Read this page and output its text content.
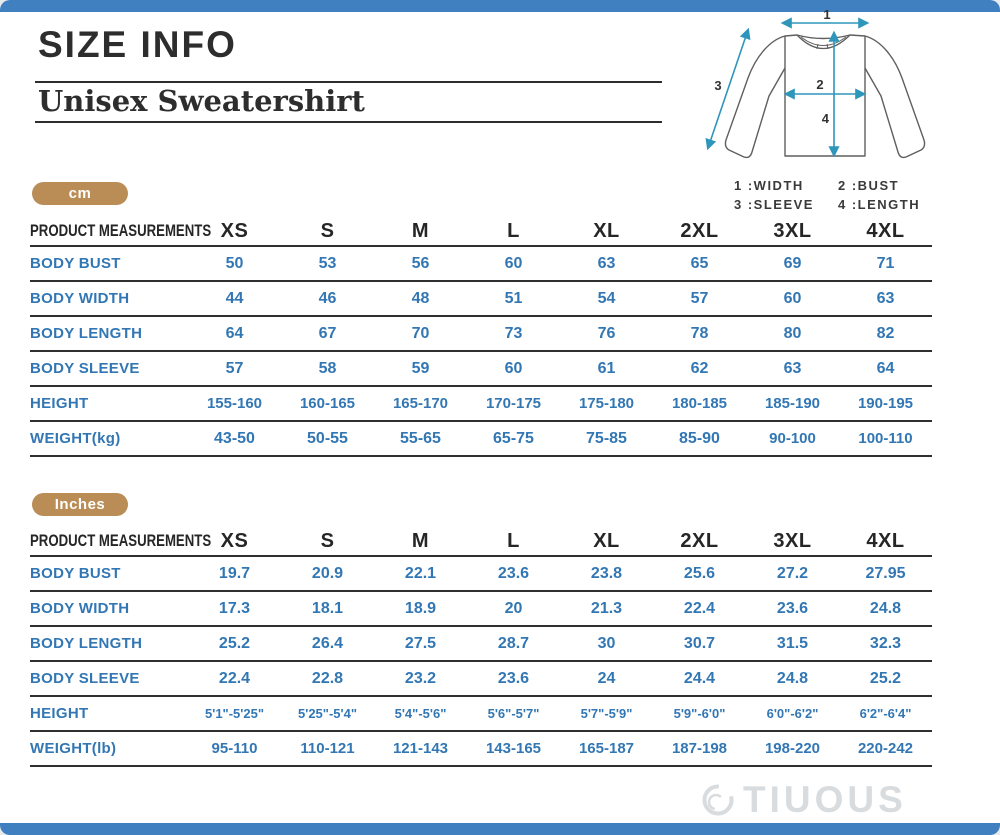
SIZE INFO
Unisex Sweatershirt
1
2
3
4
1 :WIDTH	2 :BUST
3 :SLEEVE	4 :LENGTH
cm
PRODUCT MEASUREMENTS XS	S	M	L	XL	2XL	3XL	4XL
BODY BUST	50	53	56	60	63	65	69	71
BODY WIDTH	44	46	48	51	54	57	60	63
BODY LENGTH	64	67	70	73	76	78	80	82
BODY SLEEVE	57	58	59	60	61	62	63	64
HEIGHT	155-160	160-165	165-170	170-175	175-180	180-185	185-190	190-195
WEIGHT(kg)	43-50	50-55	55-65	65-75	75-85	85-90	90-100	100-110
Inches
PRODUCT MEASUREMENTS XS	S	M	L	XL	2XL	3XL	4XL
BODY BUST	19.7	20.9	22.1	23.6	23.8	25.6	27.2	27.95
BODY WIDTH	17.3	18.1	18.9	20	21.3	22.4	23.6	24.8
BODY LENGTH	25.2	26.4	27.5	28.7	30	30.7	31.5	32.3
BODY SLEEVE	22.4	22.8	23.2	23.6	24	24.4	24.8	25.2
HEIGHT	5'1"-5'25"	5'25"-5'4"	5'4"-5'6"	5'6"-5'7"	5'7"-5'9"	5'9"-6'0"	6'0"-6'2"	6'2"-6'4"
WEIGHT(lb)	95-110	110-121	121-143	143-165	165-187	187-198	198-220	220-242
TIUOUS
